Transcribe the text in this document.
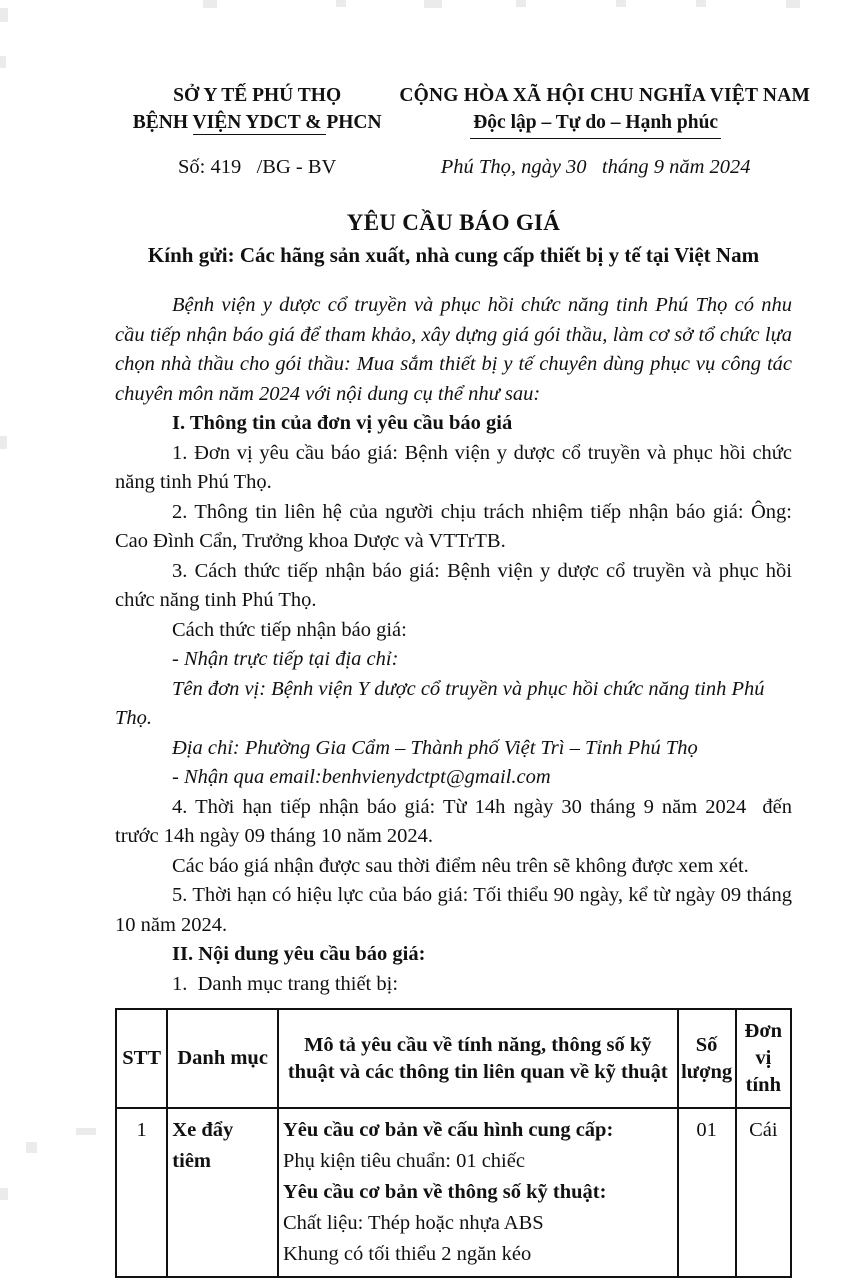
SỞ Y TẾ PHÚ THỌ
BỆNH VIỆN YDCT & PHCN
CỘNG HÒA XÃ HỘI CHU NGHĨA VIỆT NAM
Độc lập – Tự do – Hạnh phúc
Số: 419   /BG - BV	Phú Thọ, ngày 30   tháng 9 năm 2024
YÊU CẦU BÁO GIÁ
Kính gửi: Các hãng sản xuất, nhà cung cấp thiết bị y tế tại Việt Nam
Bệnh viện y dược cổ truyền và phục hồi chức năng tinh Phú Thọ có nhu cầu tiếp nhận báo giá để tham khảo, xây dựng giá gói thầu, làm cơ sở tổ chức lựa chọn nhà thầu cho gói thầu: Mua sắm thiết bị y tế chuyên dùng phục vụ công tác chuyên môn năm 2024 với nội dung cụ thể như sau:
I. Thông tin của đơn vị yêu cầu báo giá
1. Đơn vị yêu cầu báo giá: Bệnh viện y dược cổ truyền và phục hồi chức năng tinh Phú Thọ.
2. Thông tin liên hệ của người chịu trách nhiệm tiếp nhận báo giá: Ông: Cao Đình Cẩn, Trưởng khoa Dược và VTTrTB.
3. Cách thức tiếp nhận báo giá: Bệnh viện y dược cổ truyền và phục hồi chức năng tinh Phú Thọ.
Cách thức tiếp nhận báo giá:
- Nhận trực tiếp tại địa chỉ:
Tên đơn vị: Bệnh viện Y dược cổ truyền và phục hồi chức năng tinh Phú Thọ.
Địa chỉ: Phường Gia Cẩm – Thành phố Việt Trì – Tỉnh Phú Thọ
- Nhận qua email:benhvienydctpt@gmail.com
4. Thời hạn tiếp nhận báo giá: Từ 14h ngày 30 tháng 9 năm 2024  đến trước 14h ngày 09 tháng 10 năm 2024.
Các báo giá nhận được sau thời điểm nêu trên sẽ không được xem xét.
5. Thời hạn có hiệu lực của báo giá: Tối thiểu 90 ngày, kể từ ngày 09 tháng 10 năm 2024.
II. Nội dung yêu cầu báo giá:
1.  Danh mục trang thiết bị:
STT	Danh mục	Mô tả yêu cầu về tính năng, thông số kỹ thuật và các thông tin liên quan về kỹ thuật	Số lượng	Đơn vị tính
1	Xe đẩy tiêm	Yêu cầu cơ bản về cấu hình cung cấp:
Phụ kiện tiêu chuẩn: 01 chiếc
Yêu cầu cơ bản về thông số kỹ thuật:
Chất liệu: Thép hoặc nhựa ABS
Khung có tối thiểu 2 ngăn kéo	01	Cái
